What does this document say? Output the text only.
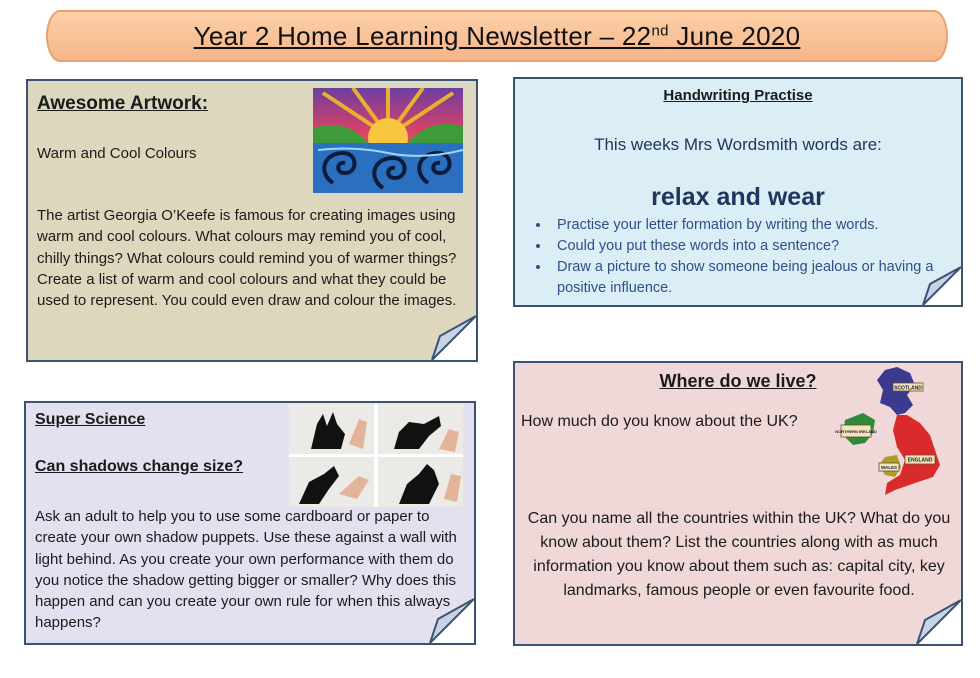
Year 2 Home Learning Newsletter – 22nd June 2020
Awesome Artwork:
Warm and Cool Colours
The artist Georgia O’Keefe is famous for creating images using warm and cool colours. What colours may remind you of cool, chilly things? What colours could remind you of warmer things? Create a list of warm and cool colours and what they could be used to represent. You could even draw and colour the images.
Handwriting Practise
This weeks Mrs Wordsmith words are:
relax and wear
• Practise your letter formation by writing the words.
• Could you put these words into a sentence?
• Draw a picture to show someone being jealous or having a positive influence.
Super Science
Can shadows change size?
Ask an adult to help you to use some cardboard or paper to create your own shadow puppets. Use these against a wall with light behind. As you create your own performance with them do you notice the shadow getting bigger or smaller? Why does this happen and can you create your own rule for when this always happens?
Where do we live?
How much do you know about the UK?
Can you name all the countries within the UK? What do you know about them? List the countries along with as much information you know about them such as: capital city, key landmarks, famous people or even favourite food.
SCOTLAND
NORTHERN IRELAND
WALES
ENGLAND
